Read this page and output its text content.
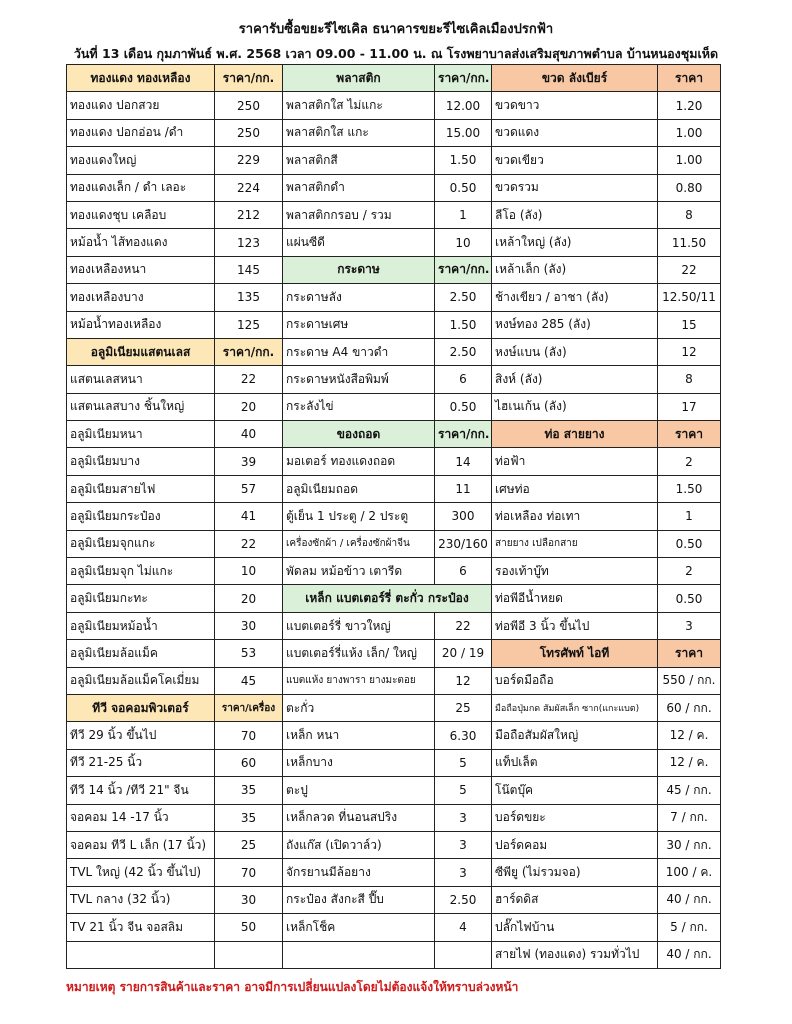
ราคารับซื้อขยะรีไซเคิล ธนาคารขยะรีไซเคิลเมืองปรกฟ้า
วันที่ 13 เดือน กุมภาพันธ์ พ.ศ. 2568 เวลา 09.00 - 11.00 น. ณ โรงพยาบาลส่งเสริมสุขภาพตำบล บ้านหนองชุมเห็ด
ทองแดง ทองเหลือง	ราคา/กก.	พลาสติก	ราคา/กก.	ขวด ลังเบียร์	ราคา
ทองแดง ปอกสวย	250	พลาสติกใส ไม่แกะ	12.00	ขวดขาว	1.20
ทองแดง ปอกอ่อน /ดำ	250	พลาสติกใส แกะ	15.00	ขวดแดง	1.00
ทองแดงใหญ่	229	พลาสติกสี	1.50	ขวดเขียว	1.00
ทองแดงเล็ก / ดำ เลอะ	224	พลาสติกดำ	0.50	ขวดรวม	0.80
ทองแดงชุบ เคลือบ	212	พลาสติกกรอบ / รวม	1	ลีโอ (ลัง)	8
หม้อน้ำ ไส้ทองแดง	123	แผ่นซีดี	10	เหล้าใหญ่ (ลัง)	11.50
ทองเหลืองหนา	145	กระดาษ	ราคา/กก.	เหล้าเล็ก (ลัง)	22
ทองเหลืองบาง	135	กระดาษลัง	2.50	ช้างเขียว / อาชา (ลัง)	12.50/11
หม้อน้ำทองเหลือง	125	กระดาษเศษ	1.50	หงษ์ทอง 285 (ลัง)	15
อลูมิเนียมแสตนเลส	ราคา/กก.	กระดาษ A4 ขาวดำ	2.50	หงษ์แบน (ลัง)	12
แสตนเลสหนา	22	กระดาษหนังสือพิมพ์	6	สิงห์ (ลัง)	8
แสตนเลสบาง ชิ้นใหญ่	20	กระลังไข่	0.50	ไฮเนเก้น (ลัง)	17
อลูมิเนียมหนา	40	ของถอด	ราคา/กก.	ท่อ สายยาง	ราคา
อลูมิเนียมบาง	39	มอเตอร์ ทองแดงถอด	14	ท่อฟ้า	2
อลูมิเนียมสายไฟ	57	อลูมิเนียมถอด	11	เศษท่อ	1.50
อลูมิเนียมกระป๋อง	41	ตู้เย็น 1 ประตู / 2 ประตู	300	ท่อเหลือง ท่อเทา	1
อลูมิเนียมจุกแกะ	22	เครื่องซักผ้า / เครื่องซักผ้าจีน	230/160	สายยาง เปลือกสาย	0.50
อลูมิเนียมจุก ไม่แกะ	10	พัดลม หม้อข้าว เตารีด	6	รองเท้าบู๊ท	2
อลูมิเนียมกะทะ	20	เหล็ก แบตเตอร์รี่ ตะกั่ว กระป๋อง		ท่อพีอีน้ำหยด	0.50
อลูมิเนียมหม้อน้ำ	30	แบตเตอร์รี่ ขาวใหญ่	22	ท่อพีอี 3 นิ้ว ขึ้นไป	3
อลูมิเนียมล้อแม็ค	53	แบตเตอร์รี่แห้ง เล็ก/ ใหญ่	20 / 19	โทรศัพท์ ไอที	ราคา
อลูมิเนียมล้อแม็คโคเมี่ยม	45	แบตแห้ง ยางพารา ยางมะตอย	12	บอร์ดมือถือ	550 / กก.
ทีวี จอคอมพิวเตอร์	ราคา/เครื่อง	ตะกั่ว	25	มือถือปุ่มกด สัมผัสเล็ก ซาก(แกะแบต)	60 / กก.
ทีวี 29 นิ้ว ขึ้นไป	70	เหล็ก หนา	6.30	มือถือสัมผัสใหญ่	12 / ค.
ทีวี 21-25 นิ้ว	60	เหล็กบาง	5	แท็ปเล็ต	12 / ค.
ทีวี 14 นิ้ว /ทีวี 21" จีน	35	ตะปู	5	โน๊ตบุ๊ค	45 / กก.
จอคอม 14 -17 นิ้ว	35	เหล็กลวด ที่นอนสปริง	3	บอร์ดขยะ	7 / กก.
จอคอม ทีวี L เล็ก (17 นิ้ว)	25	ถังแก๊ส (เปิดวาล์ว)	3	ปอร์ดคอม	30 / กก.
TVL ใหญ่ (42 นิ้ว ขึ้นไป)	70	จักรยานมีล้อยาง	3	ซีพียู (ไม่รวมจอ)	100 / ค.
TVL กลาง (32 นิ้ว)	30	กระป๋อง สังกะสี ปี๊บ	2.50	ฮาร์ดดิส	40 / กก.
TV 21 นิ้ว จีน จอสลิม	50	เหล็กโช็ค	4	ปลั๊กไฟบ้าน	5 / กก.
				สายไฟ (ทองแดง) รวมทั่วไป	40 / กก.
หมายเหตุ รายการสินค้าและราคา อาจมีการเปลี่ยนแปลงโดยไม่ต้องแจ้งให้ทราบล่วงหน้า
